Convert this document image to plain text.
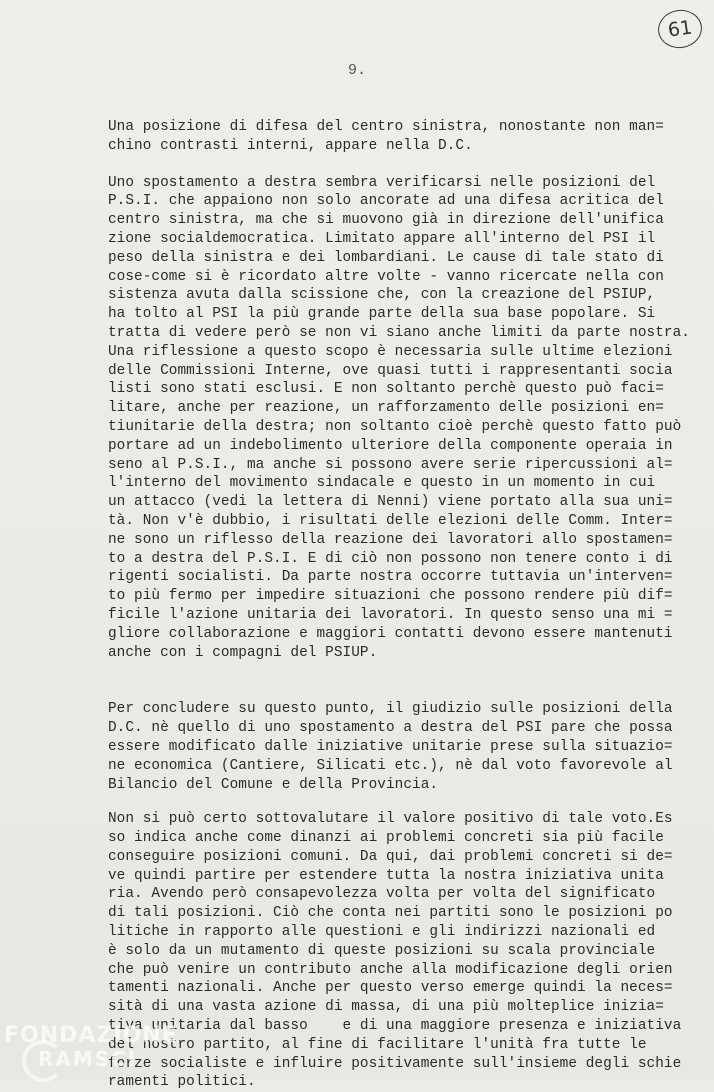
61
9.

Una posizione di difesa del centro sinistra, nonostante non man=

chino contrasti interni, appare nella D.C.

Uno spostamento a destra sembra verificarsi nelle posizioni del

P.S.I. che appaiono non solo ancorate ad una difesa acritica del

centro sinistra, ma che si muovono già in direzione dell'unifica

zione socialdemocratica. Limitato appare all'interno del PSI il

peso della sinistra e dei lombardiani. Le cause di tale stato di

cose-come si è ricordato altre volte - vanno ricercate nella con

sistenza avuta dalla scissione che, con la creazione del PSIUP,

ha tolto al PSI la più grande parte della sua base popolare. Si

tratta di vedere però se non vi siano anche limiti da parte nostra.

Una riflessione a questo scopo è necessaria sulle ultime elezioni

delle Commissioni Interne, ove quasi tutti i rappresentanti socia

listi sono stati esclusi. E non soltanto perchè questo può faci=

litare, anche per reazione, un rafforzamento delle posizioni en=

tiunitarie della destra; non soltanto cioè perchè questo fatto può

portare ad un indebolimento ulteriore della componente operaia in

seno al P.S.I., ma anche si possono avere serie ripercussioni al=

l'interno del movimento sindacale e questo in un momento in cui

un attacco (vedi la lettera di Nenni) viene portato alla sua uni=

tà. Non v'è dubbio, i risultati delle elezioni delle Comm. Inter=

ne sono un riflesso della reazione dei lavoratori allo spostamen=

to a destra del P.S.I. E di ciò non possono non tenere conto i di

rigenti socialisti. Da parte nostra occorre tuttavia un'interven=

to più fermo per impedire situazioni che possono rendere più dif=

ficile l'azione unitaria dei lavoratori. In questo senso una mi =

gliore collaborazione e maggiori contatti devono essere mantenuti

anche con i compagni del PSIUP.

Per concludere su questo punto, il giudizio sulle posizioni della

D.C. nè quello di uno spostamento a destra del PSI pare che possa

essere modificato dalle iniziative unitarie prese sulla situazio=

ne economica (Cantiere, Silicati etc.), nè dal voto favorevole al

Bilancio del Comune e della Provincia.

Non si può certo sottovalutare il valore positivo di tale voto.Es

so indica anche come dinanzi ai problemi concreti sia più facile

conseguire posizioni comuni. Da qui, dai problemi concreti si de=

ve quindi partire per estendere tutta la nostra iniziativa unita

ria. Avendo però consapevolezza volta per volta del significato

di tali posizioni. Ciò che conta nei partiti sono le posizioni po

litiche in rapporto alle questioni e gli indirizzi nazionali ed

è solo da un mutamento di queste posizioni su scala provinciale

che può venire un contributo anche alla modificazione degli orien

tamenti nazionali. Anche per questo verso emerge quindi la neces=

sità di una vasta azione di massa, di una più molteplice inizia=

tiva unitaria dal basso    e di una maggiore presenza e iniziativa

del nostro partito, al fine di facilitare l'unità fra tutte le

forze socialiste e influire positivamente sull'insieme degli schie

ramenti politici.

FONDAZIONE
RAMSCI
